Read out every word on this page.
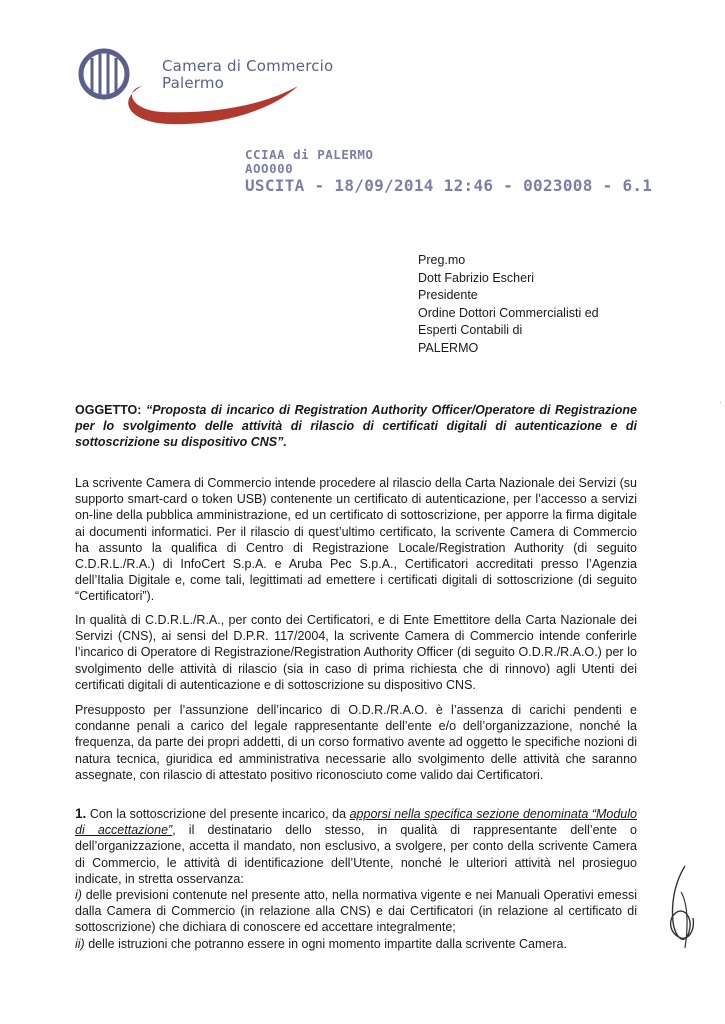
Camera di Commercio
Palermo
CCIAA di PALERMO
AOO000
USCITA - 18/09/2014 12:46 - 0023008 - 6.1
Preg.mo
Dott Fabrizio Escheri
Presidente
Ordine Dottori Commercialisti ed
Esperti Contabili di
PALERMO
·
OGGETTO: “Proposta di incarico di Registration Authority Officer/Operatore di Registrazione per lo svolgimento delle attività di rilascio di certificati digitali di autenticazione e di sottoscrizione su dispositivo CNS”.
La scrivente Camera di Commercio intende procedere al rilascio della Carta Nazionale dei Servizi (su supporto smart-card o token USB) contenente un certificato di autenticazione, per l’accesso a servizi on-line della pubblica amministrazione, ed un certificato di sottoscrizione, per apporre la firma digitale ai documenti informatici. Per il rilascio di quest’ultimo certificato, la scrivente Camera di Commercio ha assunto la qualifica di Centro di Registrazione Locale/Registration Authority (di seguito C.D.R.L./R.A.) di InfoCert S.p.A. e Aruba Pec S.p.A., Certificatori accreditati presso l’Agenzia dell’Italia Digitale e, come tali, legittimati ad emettere i certificati digitali di sottoscrizione (di seguito “Certificatori”).
In qualità di C.D.R.L./R.A., per conto dei Certificatori, e di Ente Emettitore della Carta Nazionale dei Servizi (CNS), ai sensi del D.P.R. 117/2004, la scrivente Camera di Commercio intende conferirle l’incarico di Operatore di Registrazione/Registration Authority Officer (di seguito O.D.R./R.A.O.) per lo svolgimento delle attività di rilascio (sia in caso di prima richiesta che di rinnovo) agli Utenti dei certificati digitali di autenticazione e di sottoscrizione su dispositivo CNS.
Presupposto per l’assunzione dell’incarico di O.D.R./R.A.O. è l’assenza di carichi pendenti e condanne penali a carico del legale rappresentante dell’ente e/o dell’organizzazione, nonché la frequenza, da parte dei propri addetti, di un corso formativo avente ad oggetto le specifiche nozioni di natura tecnica, giuridica ed amministrativa necessarie allo svolgimento delle attività che saranno assegnate, con rilascio di attestato positivo riconosciuto come valido dai Certificatori.
1. Con la sottoscrizione del presente incarico, da apporsi nella specifica sezione denominata “Modulo di accettazione”, il destinatario dello stesso, in qualità di rappresentante dell’ente o dell’organizzazione, accetta il mandato, non esclusivo, a svolgere, per conto della scrivente Camera di Commercio, le attività di identificazione dell’Utente, nonché le ulteriori attività nel prosieguo indicate, in stretta osservanza:
i) delle previsioni contenute nel presente atto, nella normativa vigente e nei Manuali Operativi emessi dalla Camera di Commercio (in relazione alla CNS) e dai Certificatori (in relazione al certificato di sottoscrizione) che dichiara di conoscere ed accettare integralmente;
ii) delle istruzioni che potranno essere in ogni momento impartite dalla scrivente Camera.
